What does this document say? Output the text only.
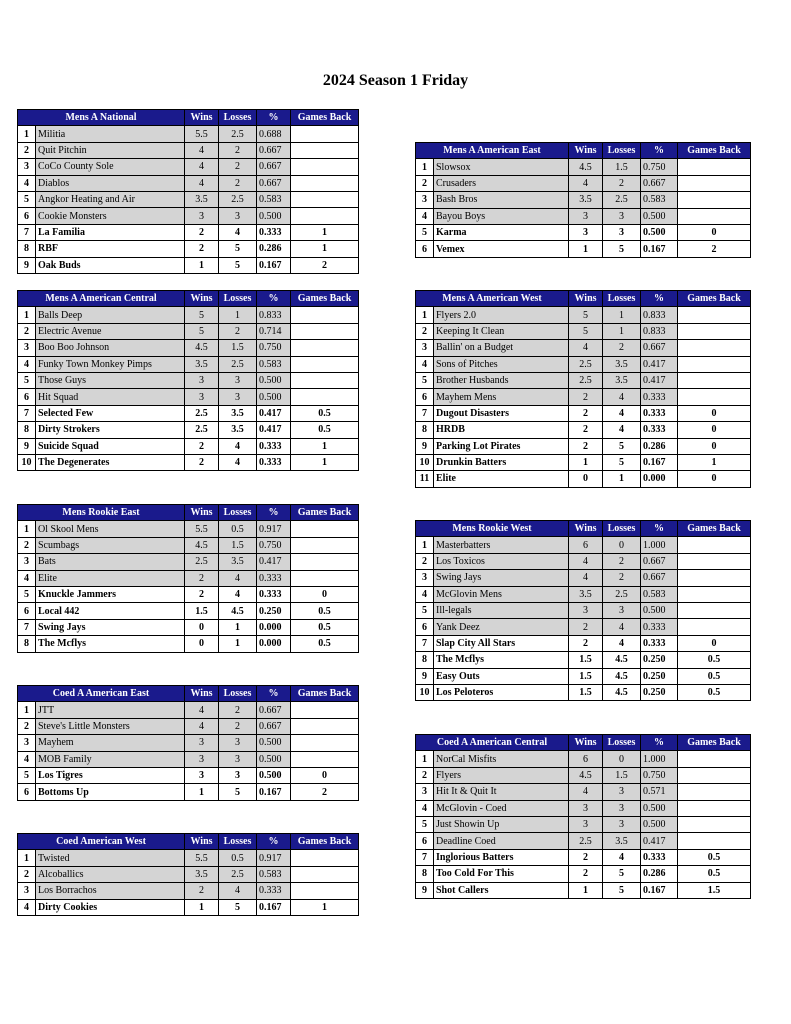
2024 Season 1 Friday
Mens A National		Wins	Losses	%	Games Back
1	Militia	5.5	2.5	0.688	
2	Quit Pitchin	4	2	0.667	
3	CoCo County Sole	4	2	0.667	
4	Diablos	4	2	0.667	
5	Angkor Heating and Air	3.5	2.5	0.583	
6	Cookie Monsters	3	3	0.500	
7	La Familia	2	4	0.333	1
8	RBF	2	5	0.286	1
9	Oak Buds	1	5	0.167	2
Mens A American Central		Wins	Losses	%	Games Back
1	Balls Deep	5	1	0.833	
2	Electric Avenue	5	2	0.714	
3	Boo Boo Johnson	4.5	1.5	0.750	
4	Funky Town Monkey Pimps	3.5	2.5	0.583	
5	Those Guys	3	3	0.500	
6	Hit Squad	3	3	0.500	
7	Selected Few	2.5	3.5	0.417	0.5
8	Dirty Strokers	2.5	3.5	0.417	0.5
9	Suicide Squad	2	4	0.333	1
10	The Degenerates	2	4	0.333	1
Mens Rookie East		Wins	Losses	%	Games Back
1	Ol Skool Mens	5.5	0.5	0.917	
2	Scumbags	4.5	1.5	0.750	
3	Bats	2.5	3.5	0.417	
4	Elite	2	4	0.333	
5	Knuckle Jammers	2	4	0.333	0
6	Local 442	1.5	4.5	0.250	0.5
7	Swing Jays	0	1	0.000	0.5
8	The Mcflys	0	1	0.000	0.5
Coed A American East		Wins	Losses	%	Games Back
1	JTT	4	2	0.667	
2	Steve's Little Monsters	4	2	0.667	
3	Mayhem	3	3	0.500	
4	MOB Family	3	3	0.500	
5	Los Tigres	3	3	0.500	0
6	Bottoms Up	1	5	0.167	2
Coed American West		Wins	Losses	%	Games Back
1	Twisted	5.5	0.5	0.917	
2	Alcoballics	3.5	2.5	0.583	
3	Los Borrachos	2	4	0.333	
4	Dirty Cookies	1	5	0.167	1
Mens A American East		Wins	Losses	%	Games Back
1	Slowsox	4.5	1.5	0.750	
2	Crusaders	4	2	0.667	
3	Bash Bros	3.5	2.5	0.583	
4	Bayou Boys	3	3	0.500	
5	Karma	3	3	0.500	0
6	Vemex	1	5	0.167	2
Mens A American West		Wins	Losses	%	Games Back
1	Flyers 2.0	5	1	0.833	
2	Keeping It Clean	5	1	0.833	
3	Ballin' on a Budget	4	2	0.667	
4	Sons of Pitches	2.5	3.5	0.417	
5	Brother Husbands	2.5	3.5	0.417	
6	Mayhem Mens	2	4	0.333	
7	Dugout Disasters	2	4	0.333	0
8	HRDB	2	4	0.333	0
9	Parking Lot Pirates	2	5	0.286	0
10	Drunkin Batters	1	5	0.167	1
11	Elite	0	1	0.000	0
Mens Rookie West		Wins	Losses	%	Games Back
1	Masterbatters	6	0	1.000	
2	Los Toxicos	4	2	0.667	
3	Swing Jays	4	2	0.667	
4	McGlovin Mens	3.5	2.5	0.583	
5	Ill-legals	3	3	0.500	
6	Yank Deez	2	4	0.333	
7	Slap City All Stars	2	4	0.333	0
8	The Mcflys	1.5	4.5	0.250	0.5
9	Easy Outs	1.5	4.5	0.250	0.5
10	Los Peloteros	1.5	4.5	0.250	0.5
Coed A American Central		Wins	Losses	%	Games Back
1	NorCal Misfits	6	0	1.000	
2	Flyers	4.5	1.5	0.750	
3	Hit It & Quit It	4	3	0.571	
4	McGlovin - Coed	3	3	0.500	
5	Just Showin Up	3	3	0.500	
6	Deadline Coed	2.5	3.5	0.417	
7	Inglorious Batters	2	4	0.333	0.5
8	Too Cold For This	2	5	0.286	0.5
9	Shot Callers	1	5	0.167	1.5
